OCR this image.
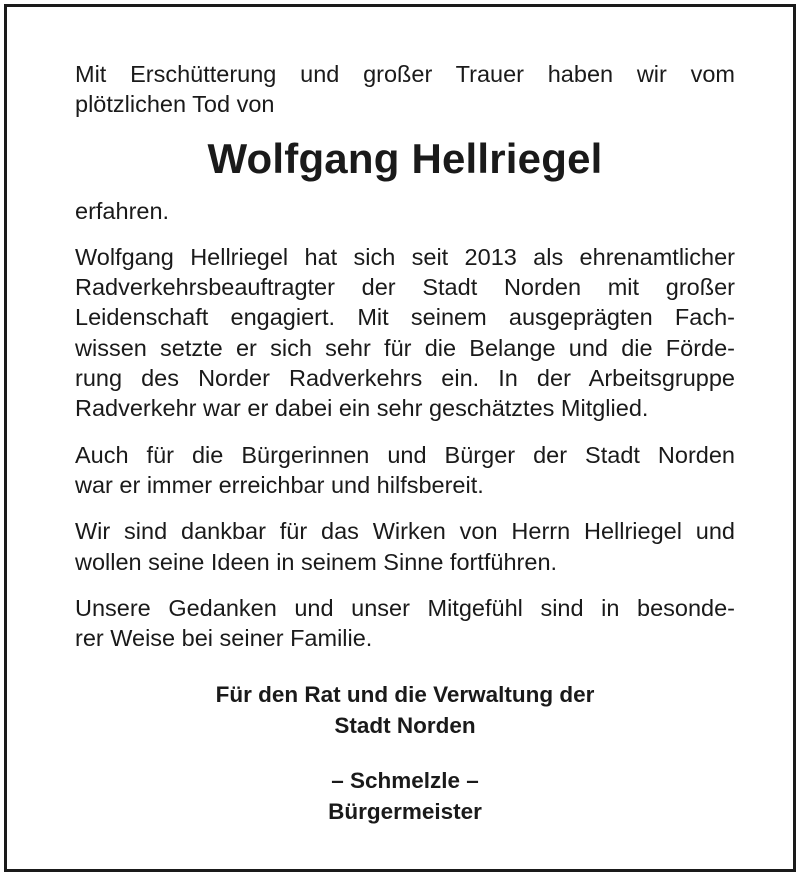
Mit Erschütterung und großer Trauer haben wir vom
plötzlichen Tod von

Wolfgang Hellriegel

erfahren.

Wolfgang Hellriegel hat sich seit 2013 als ehrenamtlicher
Radverkehrsbeauftragter der Stadt Norden mit großer
Leidenschaft engagiert. Mit seinem ausgeprägten Fach-
wissen setzte er sich sehr für die Belange und die Förde-
rung des Norder Radverkehrs ein. In der Arbeitsgruppe
Radverkehr war er dabei ein sehr geschätztes Mitglied.

Auch für die Bürgerinnen und Bürger der Stadt Norden
war er immer erreichbar und hilfsbereit.

Wir sind dankbar für das Wirken von Herrn Hellriegel und
wollen seine Ideen in seinem Sinne fortführen.

Unsere Gedanken und unser Mitgefühl sind in besonde-
rer Weise bei seiner Familie.

Für den Rat und die Verwaltung der
Stadt Norden
– Schmelzle –
Bürgermeister
